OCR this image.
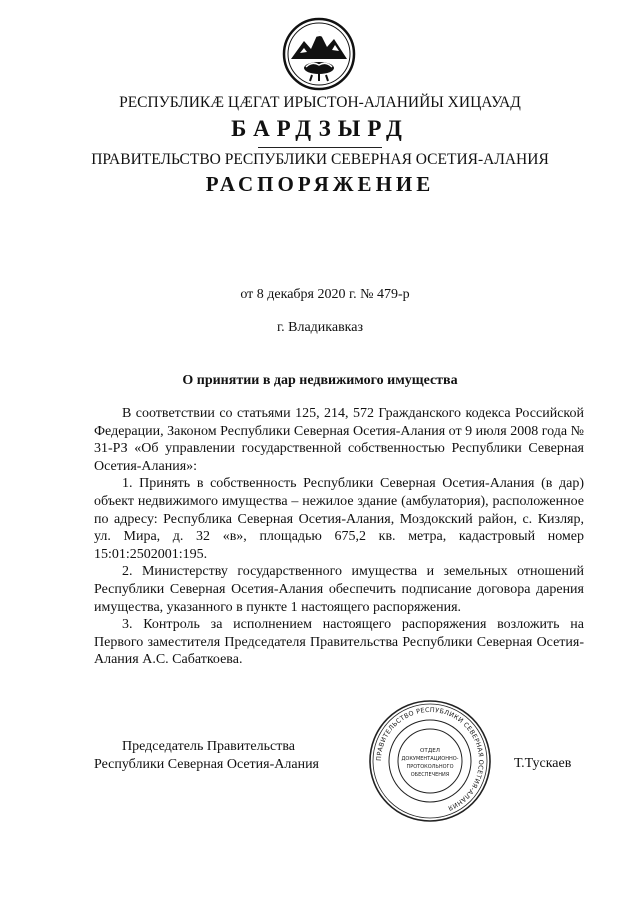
РЕСПУБЛИКӔ ЦӔГАТ ИРЫСТОН-АЛАНИЙЫ ХИЦАУАД
БАРДЗЫРД
ПРАВИТЕЛЬСТВО РЕСПУБЛИКИ СЕВЕРНАЯ ОСЕТИЯ-АЛАНИЯ
РАСПОРЯЖЕНИЕ
от 8 декабря 2020 г. № 479-р
г. Владикавказ
О принятии в дар недвижимого имущества

В соответствии со статьями 125, 214, 572 Гражданского кодекса Российской Федерации, Законом Республики Северная Осетия-Алания от 9 июля 2008 года № 31-РЗ «Об управлении государственной собственностью Республики Северная Осетия-Алания»:

1. Принять в собственность Республики Северная Осетия-Алания (в дар) объект недвижимого имущества – нежилое здание (амбулатория), расположенное по адресу: Республика Северная Осетия-Алания, Моздокский район, с. Кизляр, ул. Мира, д. 32 «в», площадью 675,2 кв. метра, кадастровый номер 15:01:2502001:195.

2. Министерству государственного имущества и земельных отношений Республики Северная Осетия-Алания обеспечить подписание договора дарения имущества, указанного в пункте 1 настоящего распоряжения.

3. Контроль за исполнением настоящего распоряжения возложить на Первого заместителя Председателя Правительства Республики Северная Осетия-Алания А.С. Сабаткоева.

Председатель Правительства
Республики Северная Осетия-Алания	ПРАВИТЕЛЬСТВО РЕСПУБЛИКИ СЕВЕРНАЯ ОСЕТИЯ-АЛАНИЯ
ОТДЕЛ
ДОКУМЕНТАЦИОННО-
ПРОТОКОЛЬНОГО
ОБЕСПЕЧЕНИЯ
Т.Тускаев
